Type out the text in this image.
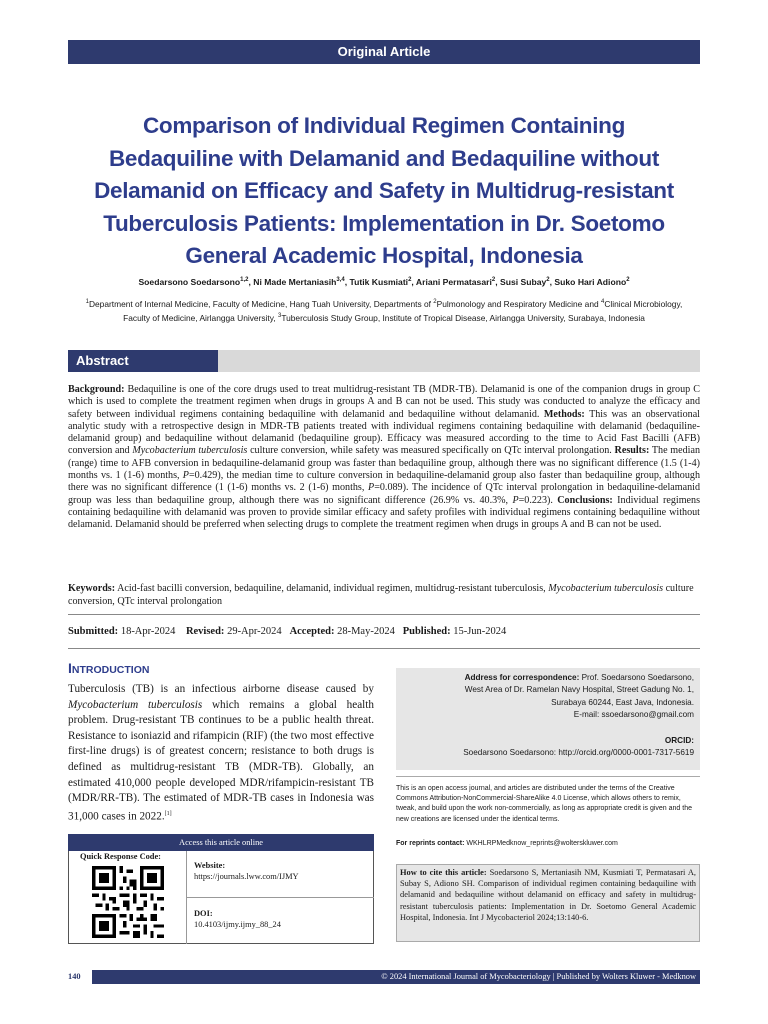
Original Article
Comparison of Individual Regimen Containing Bedaquiline with Delamanid and Bedaquiline without Delamanid on Efficacy and Safety in Multidrug-resistant Tuberculosis Patients: Implementation in Dr. Soetomo General Academic Hospital, Indonesia
Soedarsono Soedarsono$^{1,2}$, Ni Made Mertaniasih$^{3,4}$, Tutik Kusmiati$^2$, Ariani Permatasari$^2$, Susi Subay$^2$, Suko Hari Adiono$^2$
$^1$Department of Internal Medicine, Faculty of Medicine, Hang Tuah University, Departments of $^2$Pulmonology and Respiratory Medicine and $^4$Clinical Microbiology,
Faculty of Medicine, Airlangga University, $^3$Tuberculosis Study Group, Institute of Tropical Disease, Airlangga University, Surabaya, Indonesia
Abstract
Background: Bedaquiline is one of the core drugs used to treat multidrug-resistant TB (MDR-TB). Delamanid is one of the companion drugs in group C which is used to complete the treatment regimen when drugs in groups A and B can not be used. This study was conducted to analyze the efficacy and safety between individual regimens containing bedaquiline with delamanid and bedaquiline without delamanid. Methods: This was an observational analytic study with a retrospective design in MDR-TB patients treated with individual regimens containing bedaquiline with delamanid (bedaquiline-delamanid group) and bedaquiline without delamanid (bedaquiline group). Efficacy was measured according to the time to Acid Fast Bacilli (AFB) conversion and Mycobacterium tuberculosis culture conversion, while safety was measured specifically on QTc interval prolongation. Results: The median (range) time to AFB conversion in bedaquiline-delamanid group was faster than bedaquiline group, although there was no significant difference (1.5 (1-4) months vs. 1 (1-6) months, P=0.429), the median time to culture conversion in bedaquiline-delamanid group also faster than bedaquiline group, although there was no significant difference (1 (1-6) months vs. 2 (1-6) months, P=0.089). The incidence of QTc interval prolongation in bedaquiline-delamanid group was less than bedaquiline group, although there was no significant difference (26.9% vs. 40.3%, P=0.223). Conclusions: Individual regimens containing bedaquiline with delamanid was proven to provide similar efficacy and safety profiles with individual regimens containing bedaquiline without delamanid. Delamanid should be preferred when selecting drugs to complete the treatment regimen when drugs in groups A and B can not be used.
Keywords: Acid-fast bacilli conversion, bedaquiline, delamanid, individual regimen, multidrug-resistant tuberculosis, Mycobacterium tuberculosis culture conversion, QTc interval prolongation
Submitted: 18-Apr-2024 Revised: 29-Apr-2024 Accepted: 28-May-2024 Published: 15-Jun-2024
INTRODUCTION
Tuberculosis (TB) is an infectious airborne disease caused by Mycobacterium tuberculosis which remains a global health problem. Drug-resistant TB continues to be a public health threat. Resistance to isoniazid and rifampicin (RIF) (the two most effective first-line drugs) is of greatest concern; resistance to both drugs is defined as multidrug-resistant TB (MDR-TB). Globally, an estimated 410,000 people developed MDR/rifampicin-resistant TB (MDR/RR-TB). The estimated of MDR-TB cases in Indonesia was 31,000 cases in 2022.[1]
Access this article online
Quick Response Code:
Website:
https://journals.lww.com/IJMY
DOI:
10.4103/ijmy.ijmy_88_24
Address for correspondence: Prof. Soedarsono Soedarsono,
West Area of Dr. Ramelan Navy Hospital, Street Gadung No. 1,
Surabaya 60244, East Java, Indonesia.
E-mail: ssoedarsono@gmail.com
ORCID:
Soedarsono Soedarsono: http://orcid.org/0000-0001-7317-5619
This is an open access journal, and articles are distributed under the terms of the Creative Commons Attribution-NonCommercial-ShareAlike 4.0 License, which allows others to remix, tweak, and build upon the work non-commercially, as long as appropriate credit is given and the new creations are licensed under the identical terms.
For reprints contact: WKHLRPMedknow_reprints@wolterskluwer.com
How to cite this article: Soedarsono S, Mertaniasih NM, Kusmiati T, Permatasari A, Subay S, Adiono SH. Comparison of individual regimen containing bedaquiline with delamanid and bedaquiline without delamanid on efficacy and safety in multidrug-resistant tuberculosis patients: Implementation in Dr. Soetomo General Academic Hospital, Indonesia. Int J Mycobacteriol 2024;13:140-6.
140	© 2024 International Journal of Mycobacteriology | Published by Wolters Kluwer - Medknow
